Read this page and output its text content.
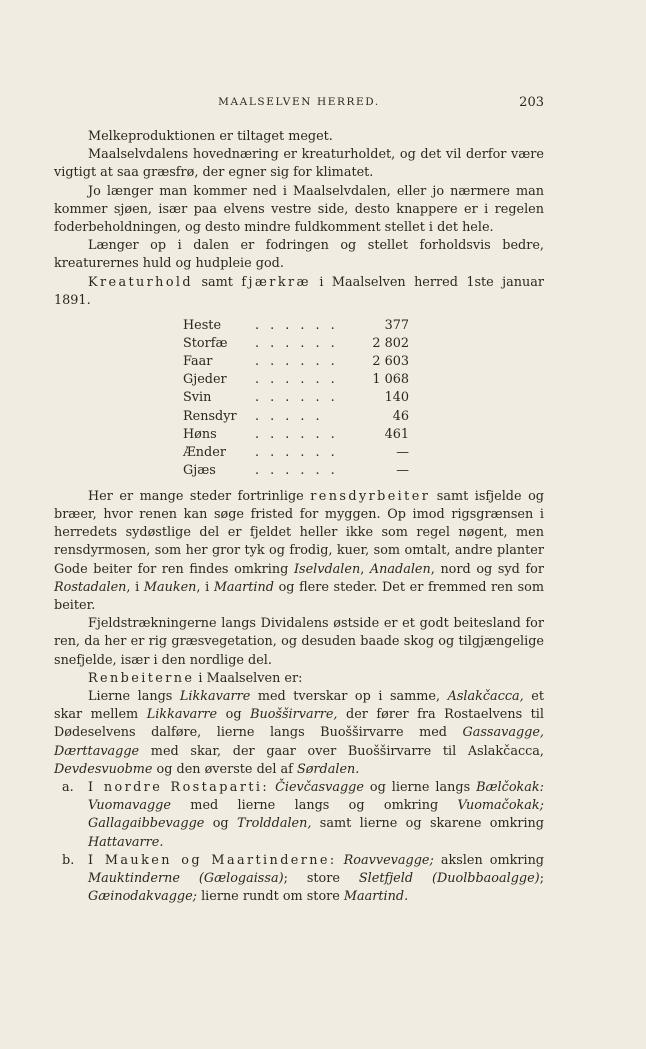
MAALSELVEN HERRED.	203

Melkeproduktionen er tiltaget meget.

Maalselvdalens hovednæring er kreaturholdet, og det vil derfor være vigtigt at saa græsfrø, der egner sig for klimatet.

Jo længer man kommer ned i Maalselvdalen, eller jo nærmere man kommer sjøen, især paa elvens vestre side, desto knappere er i regelen foderbeholdningen, og desto mindre fuldkomment stellet i det hele.

Længer op i dalen er fodringen og stellet forholdsvis bedre, kreaturernes huld og hudpleie god.

Kreaturhold samt fjærkræ i Maalselven herred 1ste januar 1891.

Heste	. . . . . .	377
Storfæ	. . . . . .	2 802
Faar	. . . . . .	2 603
Gjeder	. . . . . .	1 068
Svin	. . . . . .	140
Rensdyr	. . . . .	46
Høns	. . . . . .	461
Ænder	. . . . . .	—
Gjæs	. . . . . .	—

Her er mange steder fortrinlige rensdyrbeiter samt isfjelde og bræer, hvor renen kan søge fristed for myggen. Op imod rigsgrænsen i herredets sydøstlige del er fjeldet heller ikke som regel nøgent, men rensdyrmosen, som her gror tyk og frodig, kuer, som omtalt, andre planter Gode beiter for ren findes omkring Iselvdalen, Anadalen, nord og syd for Rostadalen, i Mauken, i Maartind og flere steder. Det er fremmed ren som beiter.

Fjeldstrækningerne langs Dividalens østside er et godt beitesland for ren, da her er rig græsvegetation, og desuden baade skog og tilgjængelige snefjelde, især i den nordlige del.

Renbeiterne i Maalselven er:

Lierne langs Likkavarre med tverskar op i samme, Aslakčacca, et skar mellem Likkavarre og Buošširvarre, der fører fra Rostaelvens til Dødeselvens dalføre, lierne langs Buošširvarre med Gassavagge, Dærttavagge med skar, der gaar over Buošširvarre til Aslakčacca, Devdesvuobme og den øverste del af Sørdalen.

a. I nordre Rostaparti: Čievčasvagge og lierne langs Bælčokak: Vuomavagge med lierne langs og omkring Vuomačokak; Gallagaibbevagge og Trolddalen, samt lierne og skarene omkring Hattavarre.

b. I Mauken og Maartinderne: Roavvevagge; akslen omkring Mauktinderne (Gælogaissa); store Sletfjeld (Duolbbaoalgge); Gæinodakvagge; lierne rundt om store Maartind.
